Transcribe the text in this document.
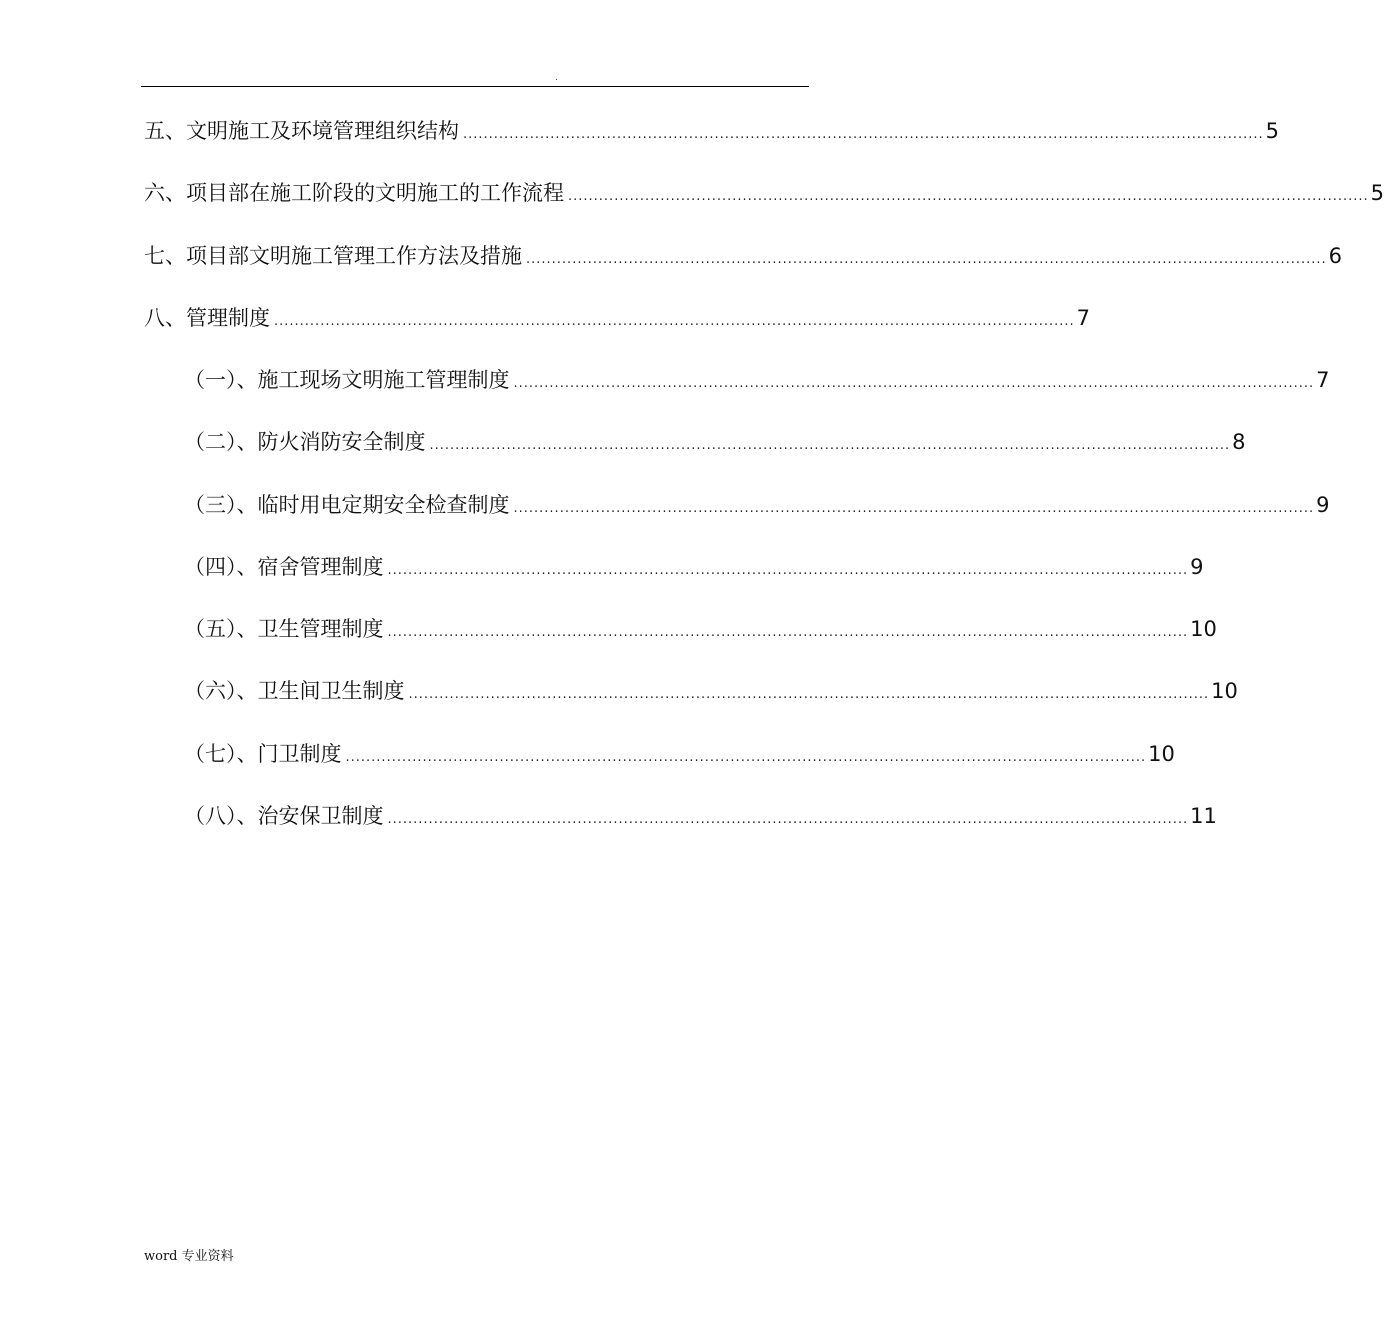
.
五、文明施工及环境管理组织结构 ............................................................................................................................................................ 5
六、项目部在施工阶段的文明施工的工作流程 ............................................................................................................................................................ 5
七、项目部文明施工管理工作方法及措施 ............................................................................................................................................................ 6
八、管理制度 ............................................................................................................................................................ 7
（一）、施工现场文明施工管理制度 ............................................................................................................................................................ 7
（二）、防火消防安全制度 ............................................................................................................................................................ 8
（三）、临时用电定期安全检查制度 ............................................................................................................................................................ 9
（四）、宿舍管理制度 ............................................................................................................................................................ 9
（五）、卫生管理制度 ............................................................................................................................................................ 10
（六）、卫生间卫生制度 ............................................................................................................................................................ 10
（七）、门卫制度 ............................................................................................................................................................ 10
（八）、治安保卫制度 ............................................................................................................................................................ 11
word 专业资料
